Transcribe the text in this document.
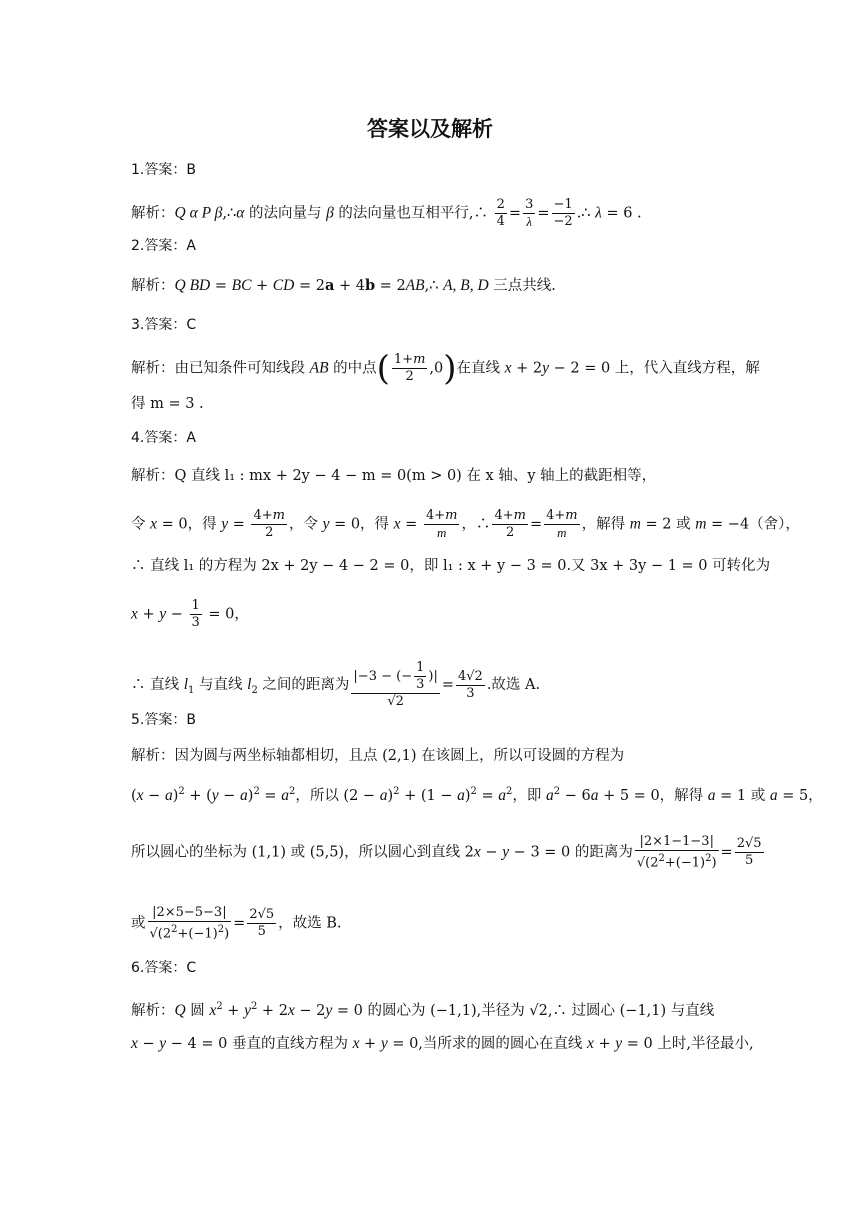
答案以及解析
1.答案：B
解析：Q α P β,∴α 的法向量与 β 的法向量也互相平行,∴ $\frac{2}{4} = \frac{3}{\lambda} = \frac{-1}{-2}$ .∴ λ = 6 .
2.答案：A
解析：Q BD = BC + CD = 2a + 4b = 2AB,∴ A, B, D 三点共线.
3.答案：C
解析：由已知条件可知线段 AB 的中点( $\frac{1+m}{2} ,0$)在直线 x + 2y − 2 = 0 上，代入直线方程，解
得 m = 3 .
4.答案：A
解析：Q 直线 l₁ : mx + 2y − 4 − m = 0(m > 0) 在 x 轴、y 轴上的截距相等，
令 x = 0，得 $y = \frac{4+m}{2}$ ，令 y = 0，得 $x = \frac{4+m}{m}$ ，∴ $\frac{4+m}{2} = \frac{4+m}{m}$ ，解得 m = 2 或 m = −4（舍），
∴ 直线 l₁ 的方程为 2x + 2y − 4 − 2 = 0，即 l₁ : x + y − 3 = 0.又 3x + 3y − 1 = 0 可转化为
$x + y - \frac{1}{3} = 0$，
∴ 直线 $l_1$ 与直线 $l_2$ 之间的距离为 $\frac{|-3 - (- \frac{1}{3} )|}{√2} = \frac{4√2}{3}$ .故选 A.
5.答案：B
解析：因为圆与两坐标轴都相切，且点 (2,1) 在该圆上，所以可设圆的方程为
$(x - a)^2 + (y - a)^2 = a^2$，所以 $(2 - a)^2 + (1 - a)^2 = a^2$，即 $a^2 - 6a + 5 = 0$，解得 a = 1 或 a = 5，
所以圆心的坐标为 (1,1) 或 (5,5)，所以圆心到直线 2x − y − 3 = 0 的距离为 $\frac{|2\times 1-1-3|}{√(2^2+(-1)^2)} = \frac{2√5}{5}$
或 $\frac{|2\times 5-5-3|}{√(2^2+(-1)^2)} = \frac{2√5}{5}$ ，故选 B.
6.答案：C
解析：Q 圆 $x^2 + y^2 + 2x - 2y = 0$ 的圆心为 (−1,1),半径为 √2,∴ 过圆心 (−1,1) 与直线
x − y − 4 = 0 垂直的直线方程为 x + y = 0,当所求的圆的圆心在直线 x + y = 0 上时,半径最小,
